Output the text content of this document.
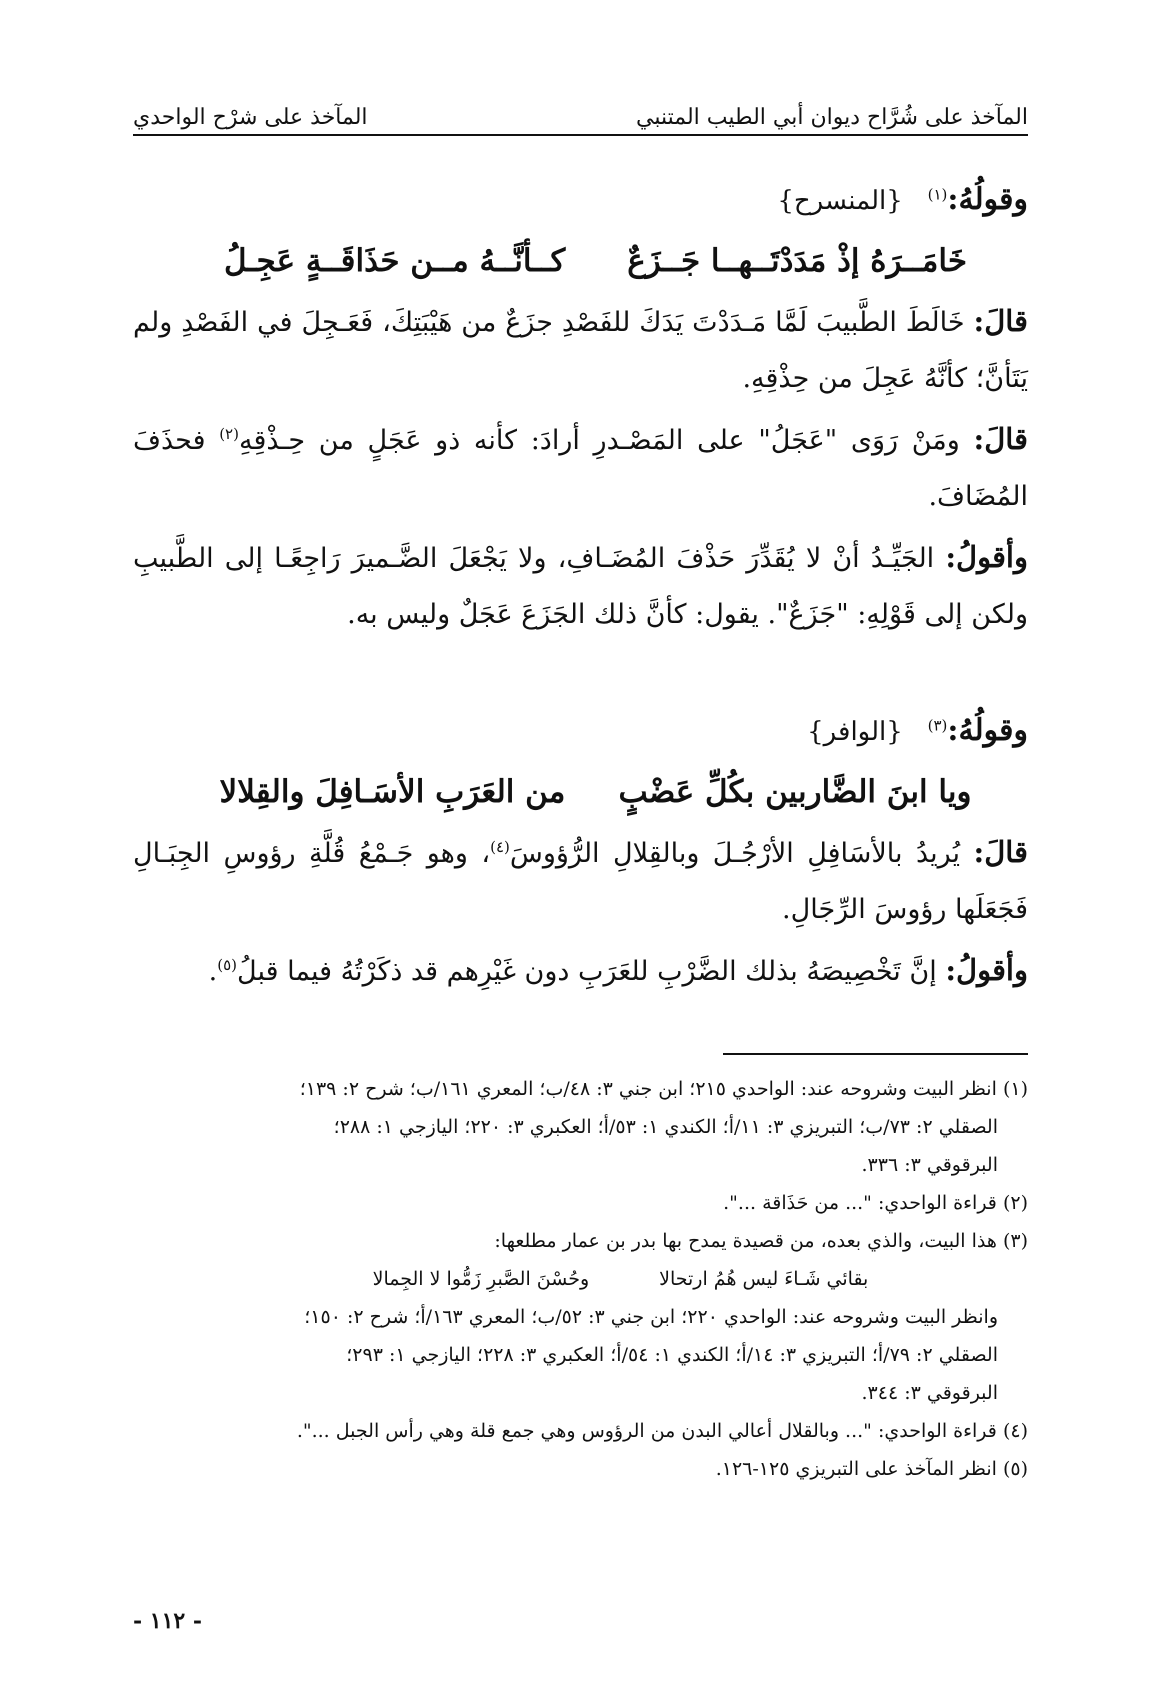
المآخذ على شُرَّاح ديوان أبي الطيب المتنبي
المآخذ على شرْح الواحدي
وقولُهُ:$^{(١)}$   {المنسرح}
خَامَــرَهُ إذْ مَدَدْتَــهــا جَــزَعٌ
كــأنَّــهُ مــن حَذَاقَــةٍ عَجِـلُ

قالَ: خَالَطَ الطَّبيبَ لَمَّا مَـدَدْتَ يَدَكَ للفَصْدِ جزَعٌ من هَيْبَتِكَ، فَعَـجِلَ في الفَصْدِ ولم يَتَأنَّ؛ كأنَّهُ عَجِلَ من حِذْقِهِ.

قالَ: ومَنْ رَوَى "عَجَلُ" على المَصْـدرِ أرادَ: كأنه ذو عَجَلٍ من حِـذْقِهِ$^{(٢)}$ فحذَفَ المُضَافَ.

وأقولُ: الجَيِّـدُ أنْ لا يُقَدِّرَ حَذْفَ المُضَـافِ، ولا يَجْعَلَ الضَّـميرَ رَاجِعًـا إلى الطَّبيبِ ولكن إلى قَوْلِهِ: "جَزَعٌ". يقول: كأنَّ ذلك الجَزَعَ عَجَلٌ وليس به.

وقولُهُ:$^{(٣)}$   {الوافر}
ويا ابنَ الضَّاربين بكُلِّ عَضْبٍ
من العَرَبِ الأسَـافِلَ والقِلالا

قالَ: يُريدُ بالأسَافِلِ الأرْجُـلَ وبالقِلالِ الرُّؤوسَ$^{(٤)}$، وهو جَـمْعُ قُلَّةِ رؤوسِ الجِبَـالِ فَجَعَلَها رؤوسَ الرِّجَالِ.

وأقولُ: إنَّ تَخْصِيصَهُ بذلك الضَّرْبِ للعَرَبِ دون غَيْرِهم قد ذكَرْتُهُ فيما قبلُ$^{(٥)}$.

(١) انظر البيت وشروحه عند: الواحدي ٢١٥؛ ابن جني ٣: ٤٨/ب؛ المعري ١٦١/ب؛ شرح ٢: ١٣٩؛
الصقلي ٢: ٧٣/ب؛ التبريزي ٣: ١١/أ؛ الكندي ١: ٥٣/أ؛ العكبري ٣: ٢٢٠؛ اليازجي ١: ٢٨٨؛
البرقوقي ٣: ٣٣٦.
(٢) قراءة الواحدي: "... من حَذَاقة ...".
(٣) هذا البيت، والذي بعده، من قصيدة يمدح بها بدر بن عمار مطلعها:
بقائي شَـاءَ ليس هُمُ ارتحالا
وحُسْنَ الصَّبرِ زَمُّوا لا الجِمالا
وانظر البيت وشروحه عند: الواحدي ٢٢٠؛ ابن جني ٣: ٥٢/ب؛ المعري ١٦٣/أ؛ شرح ٢: ١٥٠؛
الصقلي ٢: ٧٩/أ؛ التبريزي ٣: ١٤/أ؛ الكندي ١: ٥٤/أ؛ العكبري ٣: ٢٢٨؛ اليازجي ١: ٢٩٣؛
البرقوقي ٣: ٣٤٤.
(٤) قراءة الواحدي: "... وبالقلال أعالي البدن من الرؤوس وهي جمع قلة وهي رأس الجبل ...".
(٥) انظر المآخذ على التبريزي ١٢٥-١٢٦.
- ١١٢ -
